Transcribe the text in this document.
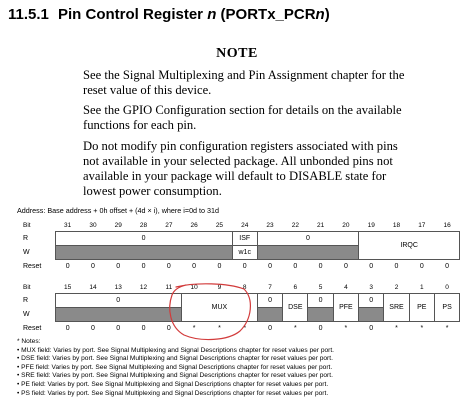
11.5.1 Pin Control Register n (PORTx_PCRn)
NOTE

See the Signal Multiplexing and Pin Assignment chapter for the reset value of this device.

See the GPIO Configuration section for details on the available functions for each pin.

Do not modify pin configuration registers associated with pins not available in your selected package. All unbonded pins not available in your package will default to DISABLE state for lowest power consumption.

Address: Base address + 0h offset + (4d × i), where i=0d to 31d
Bit	31	30	29	28	27	26	25	24	23	22	21	20	19	18	17	16
R	0							ISF	0				IRQC			
W								w1c								
Reset	0	0	0	0	0	0	0	0	0	0	0	0	0	0	0	0
Bit	15	14	13	12	11	10	9	8	7	6	5	4	3	2	1	0
R	0					MUX			0	DSE	0	PFE	0	SRE	PE	PS
W																
Reset	0	0	0	0	0	*	*	*	0	*	0	*	0	*	*	*
* Notes:
• MUX field: Varies by port. See Signal Multiplexing and Signal Descriptions chapter for reset values per port.
• DSE field: Varies by port. See Signal Multiplexing and Signal Descriptions chapter for reset values per port.
• PFE field: Varies by port. See Signal Multiplexing and Signal Descriptions chapter for reset values per port.
• SRE field: Varies by port. See Signal Multiplexing and Signal Descriptions chapter for reset values per port.
• PE field: Varies by port. See Signal Multiplexing and Signal Descriptions chapter for reset values per port.
• PS field: Varies by port. See Signal Multiplexing and Signal Descriptions chapter for reset values per port.
